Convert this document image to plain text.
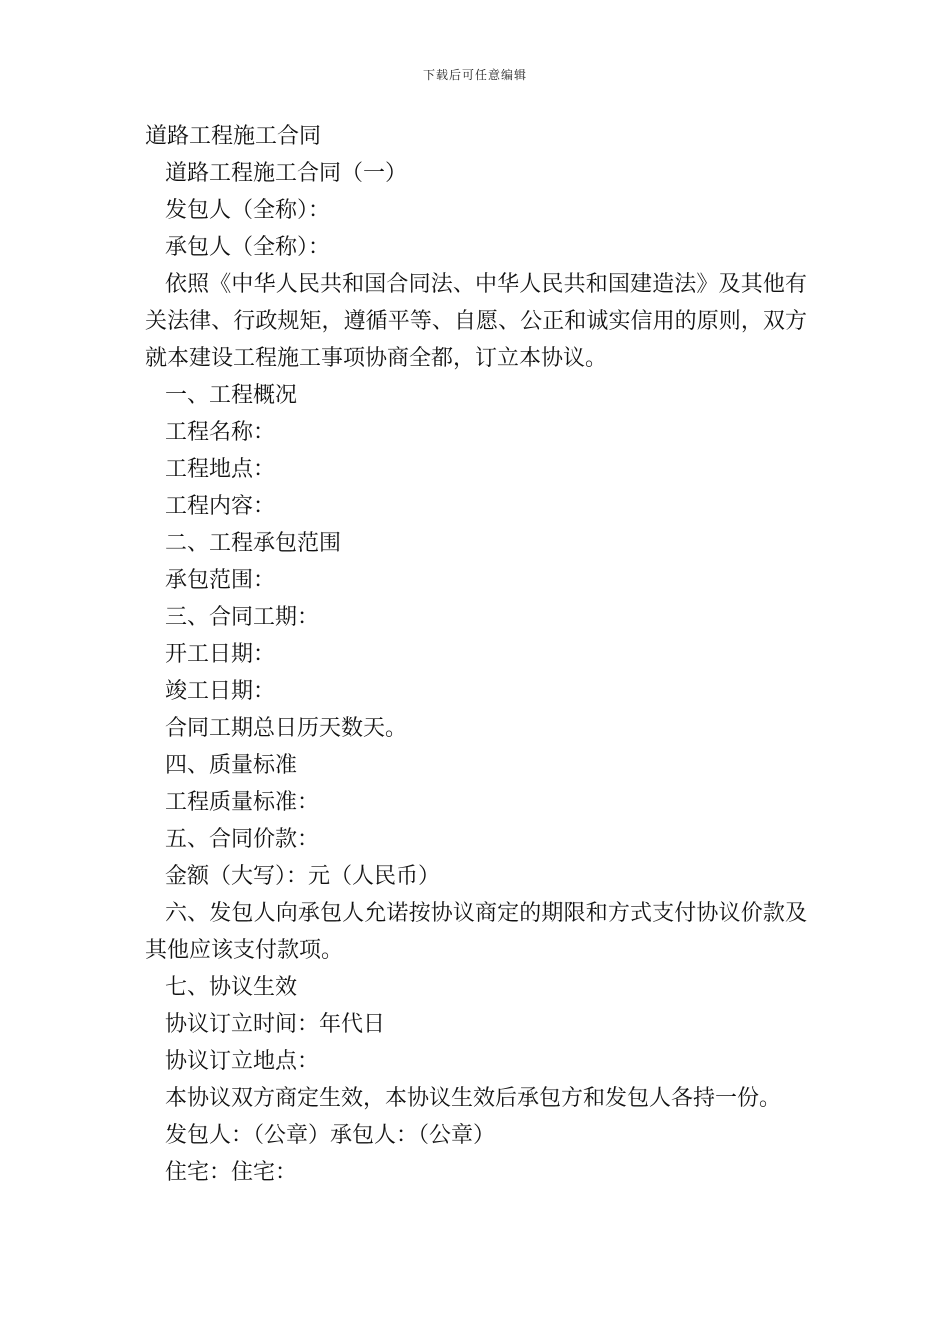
下载后可任意编辑
道路工程施工合同
道路工程施工合同（一）
发包人（全称）：
承包人（全称）：
依照《中华人民共和国合同法、中华人民共和国建造法》及其他有关法律、行政规矩，遵循平等、自愿、公正和诚实信用的原则，双方就本建设工程施工事项协商全都，订立本协议。
一、工程概况
工程名称：
工程地点：
工程内容：
二、工程承包范围
承包范围：
三、合同工期：
开工日期：
竣工日期：
合同工期总日历天数天。
四、质量标准
工程质量标准：
五、合同价款：
金额（大写）：元（人民币）
六、发包人向承包人允诺按协议商定的期限和方式支付协议价款及其他应该支付款项。
七、协议生效
协议订立时间：年代日
协议订立地点：
本协议双方商定生效，本协议生效后承包方和发包人各持一份。
发包人：（公章）承包人：（公章）
住宅：住宅：
